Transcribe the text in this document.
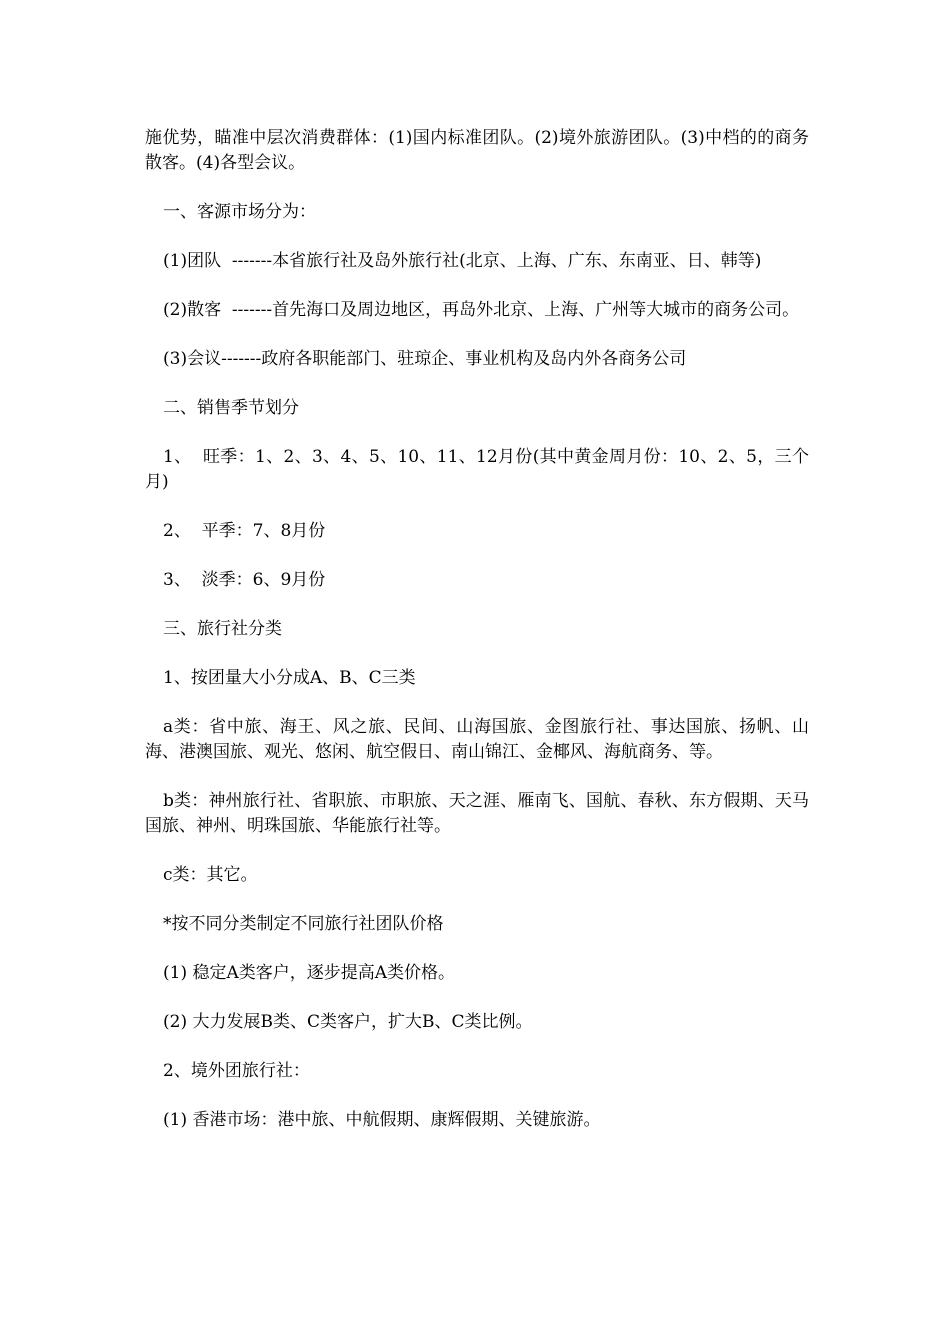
施优势，瞄准中层次消费群体：(1)国内标准团队。(2)境外旅游团队。(3)中档的的商务散客。(4)各型会议。

一、客源市场分为：

(1)团队  -------本省旅行社及岛外旅行社(北京、上海、广东、东南亚、日、韩等)

(2)散客  -------首先海口及周边地区，再岛外北京、上海、广州等大城市的商务公司。

(3)会议-------政府各职能部门、驻琼企、事业机构及岛内外各商务公司

二、销售季节划分

1、  旺季：1、2、3、4、5、10、11、12月份(其中黄金周月份：10、2、5，三个月)

2、  平季：7、8月份

3、  淡季：6、9月份

三、旅行社分类

1、按团量大小分成A、B、C三类

a类：省中旅、海王、风之旅、民间、山海国旅、金图旅行社、事达国旅、扬帆、山海、港澳国旅、观光、悠闲、航空假日、南山锦江、金椰风、海航商务、等。

b类：神州旅行社、省职旅、市职旅、天之涯、雁南飞、国航、春秋、东方假期、天马国旅、神州、明珠国旅、华能旅行社等。

c类：其它。

*按不同分类制定不同旅行社团队价格

(1) 稳定A类客户，逐步提高A类价格。

(2) 大力发展B类、C类客户，扩大B、C类比例。

2、境外团旅行社：

(1) 香港市场：港中旅、中航假期、康辉假期、关键旅游。
